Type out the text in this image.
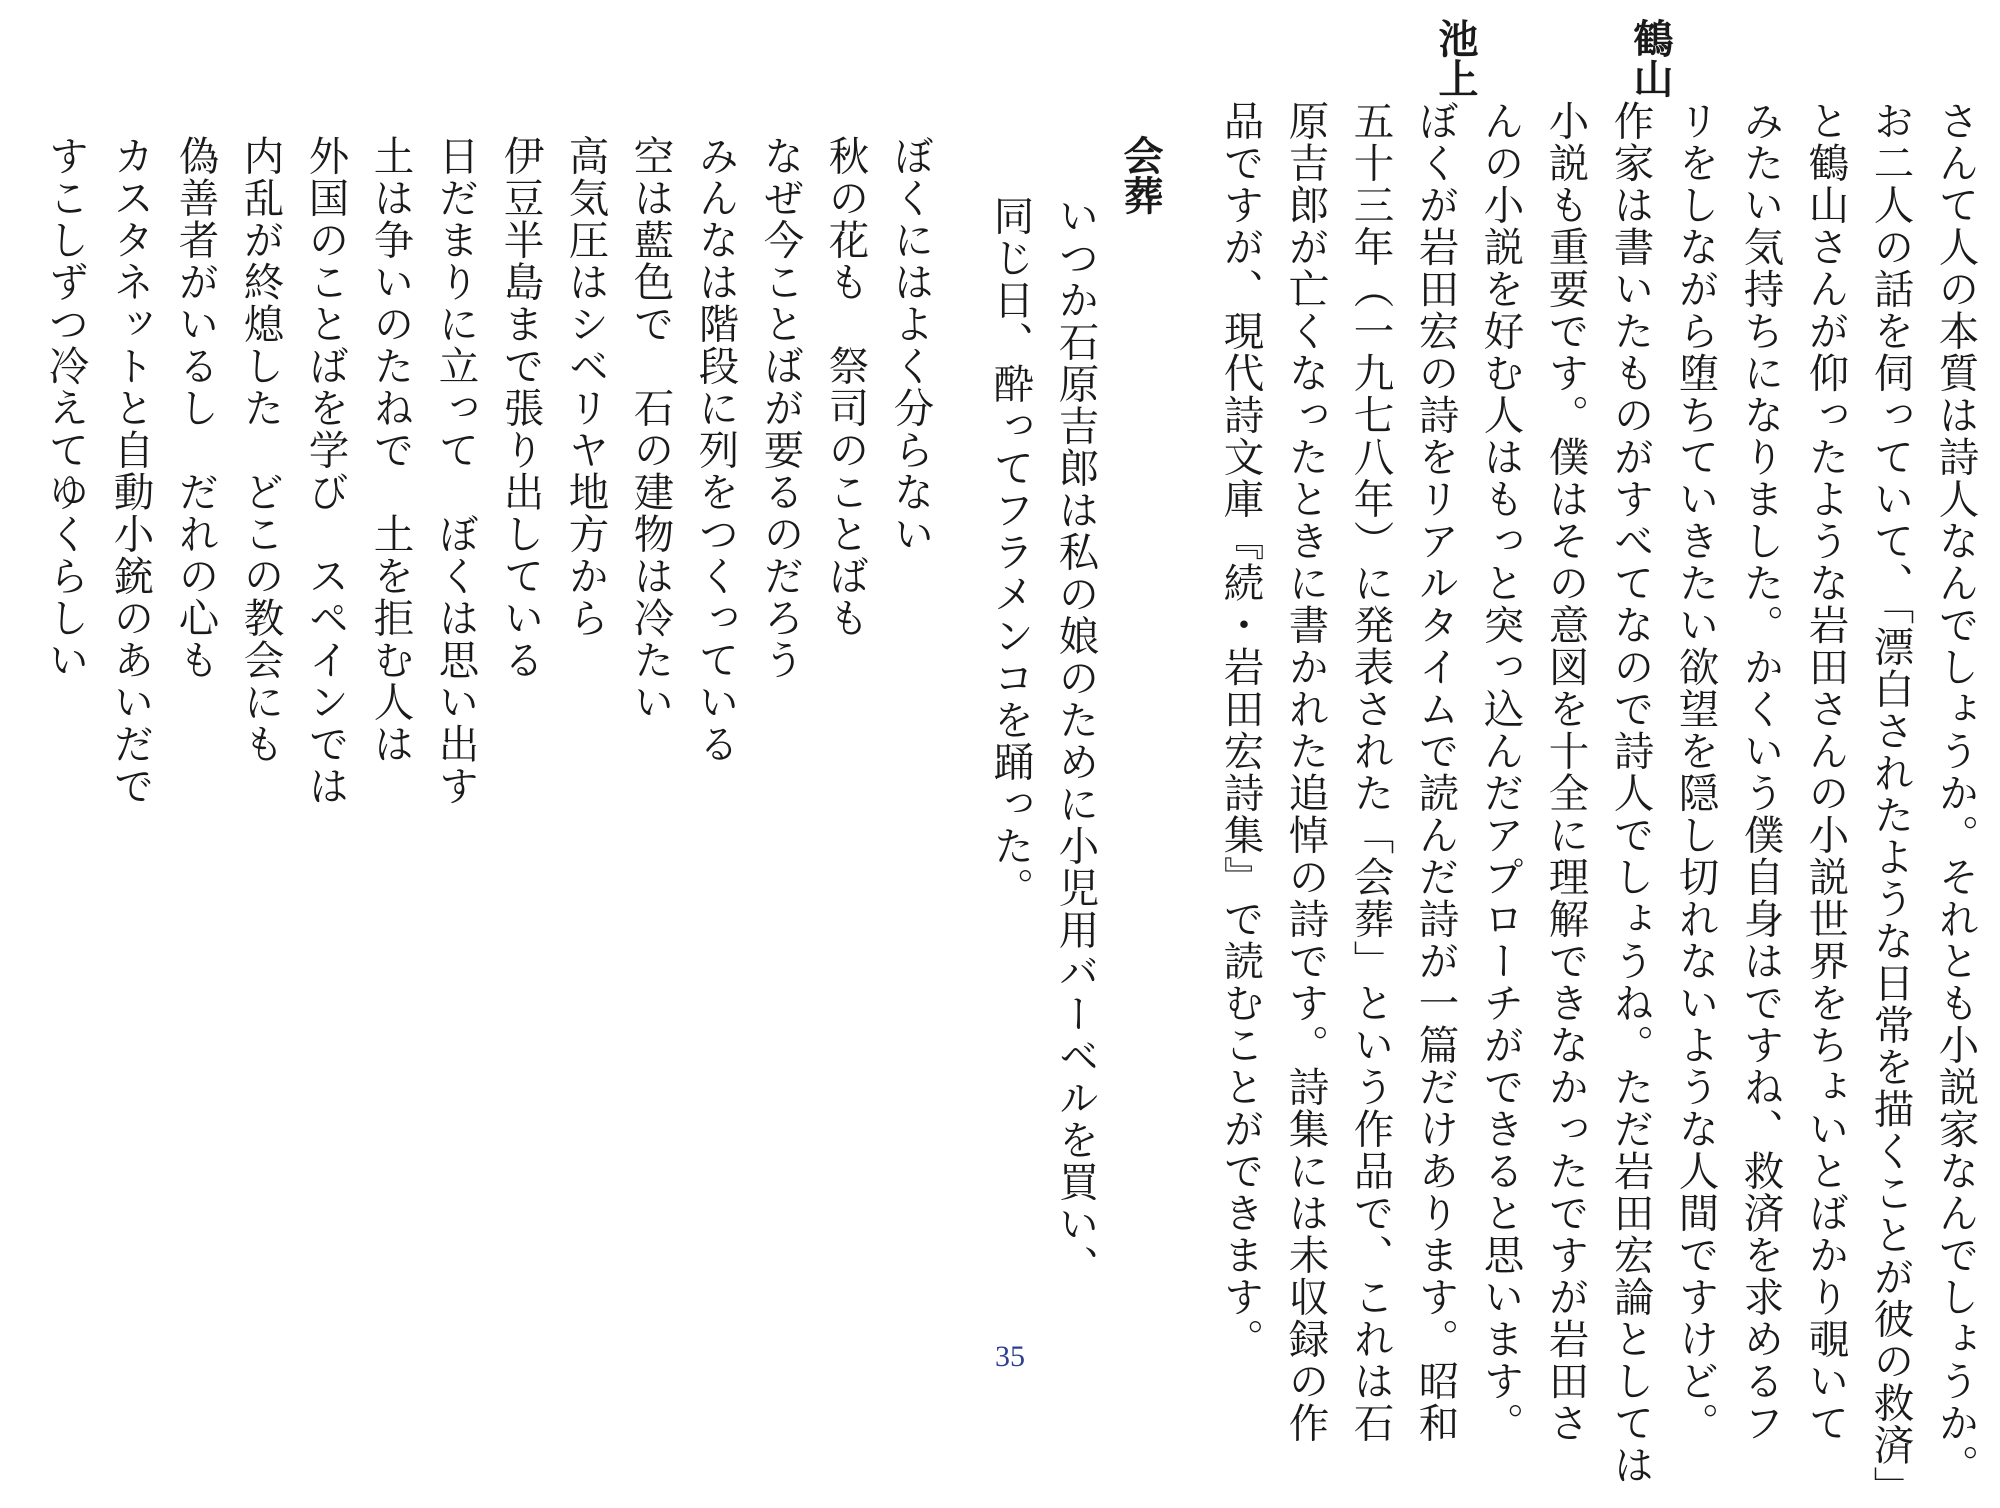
鶴山
池上
さんて人の本質は詩人なんでしょうか。それとも小説家なんでしょうか。
お二人の話を伺っていて、「漂白されたような日常を描くことが彼の救済」
と鶴山さんが仰ったような岩田さんの小説世界をちょいとばかり覗いて
みたい気持ちになりました。かくいう僕自身はですね、救済を求めるフ
リをしながら堕ちていきたい欲望を隠し切れないような人間ですけど。
作家は書いたものがすべてなので詩人でしょうね。ただ岩田宏論としては
小説も重要です。僕はその意図を十全に理解できなかったですが岩田さ
んの小説を好む人はもっと突っ込んだアプローチができると思います。
ぼくが岩田宏の詩をリアルタイムで読んだ詩が一篇だけあります。昭和
五十三年（一九七八年）に発表された「会葬」という作品で、これは石
原吉郎が亡くなったときに書かれた追悼の詩です。詩集には未収録の作
品ですが、現代詩文庫『続・岩田宏詩集』で読むことができます。
会葬
いつか石原吉郎は私の娘のために小児用バーベルを買い、
同じ日、酔ってフラメンコを踊った。
ぼくにはよく分らない
秋の花も　祭司のことばも
なぜ今ことばが要るのだろう
みんなは階段に列をつくっている
空は藍色で　石の建物は冷たい
高気圧はシベリヤ地方から
伊豆半島まで張り出している
日だまりに立って　ぼくは思い出す
土は争いのたねで　土を拒む人は
外国のことばを学び　スペインでは
内乱が終熄した　どこの教会にも
偽善者がいるし　だれの心も
カスタネットと自動小銃のあいだで
すこしずつ冷えてゆくらしい
35
